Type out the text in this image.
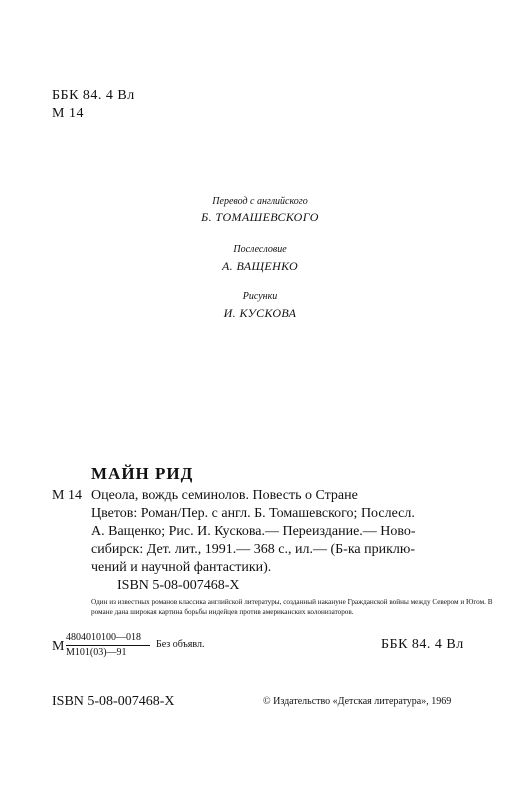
ББК 84. 4 Вл
М 14
Перевод с английского
Б. ТОМАШЕВСКОГО
Послесловие
А. ВАЩЕНКО
Рисунки
И. КУСКОВА
МАЙН РИД
М 14 Оцеола, вождь семинолов. Повесть о Стране
Цветов: Роман/Пер. с англ. Б. Томашевского; Послесл.
А. Ващенко; Рис. И. Кускова.— Переиздание.— Ново-
сибирск: Дет. лит., 1991.— 368 с., ил.— (Б-ка приклю-
чений и научной фантастики).
ISBN 5-08-007468-X
Один из известных романов классика английской литературы, созданный накануне Гражданской войны между Севером и Югом. В романе дана широкая картина борьбы индейцев против американских колонизаторов.
М
4804010100—018
М101(03)—91
Без объявл.	ББК 84. 4 Вл
ISBN 5-08-007468-X	© Издательство «Детская литература», 1969
